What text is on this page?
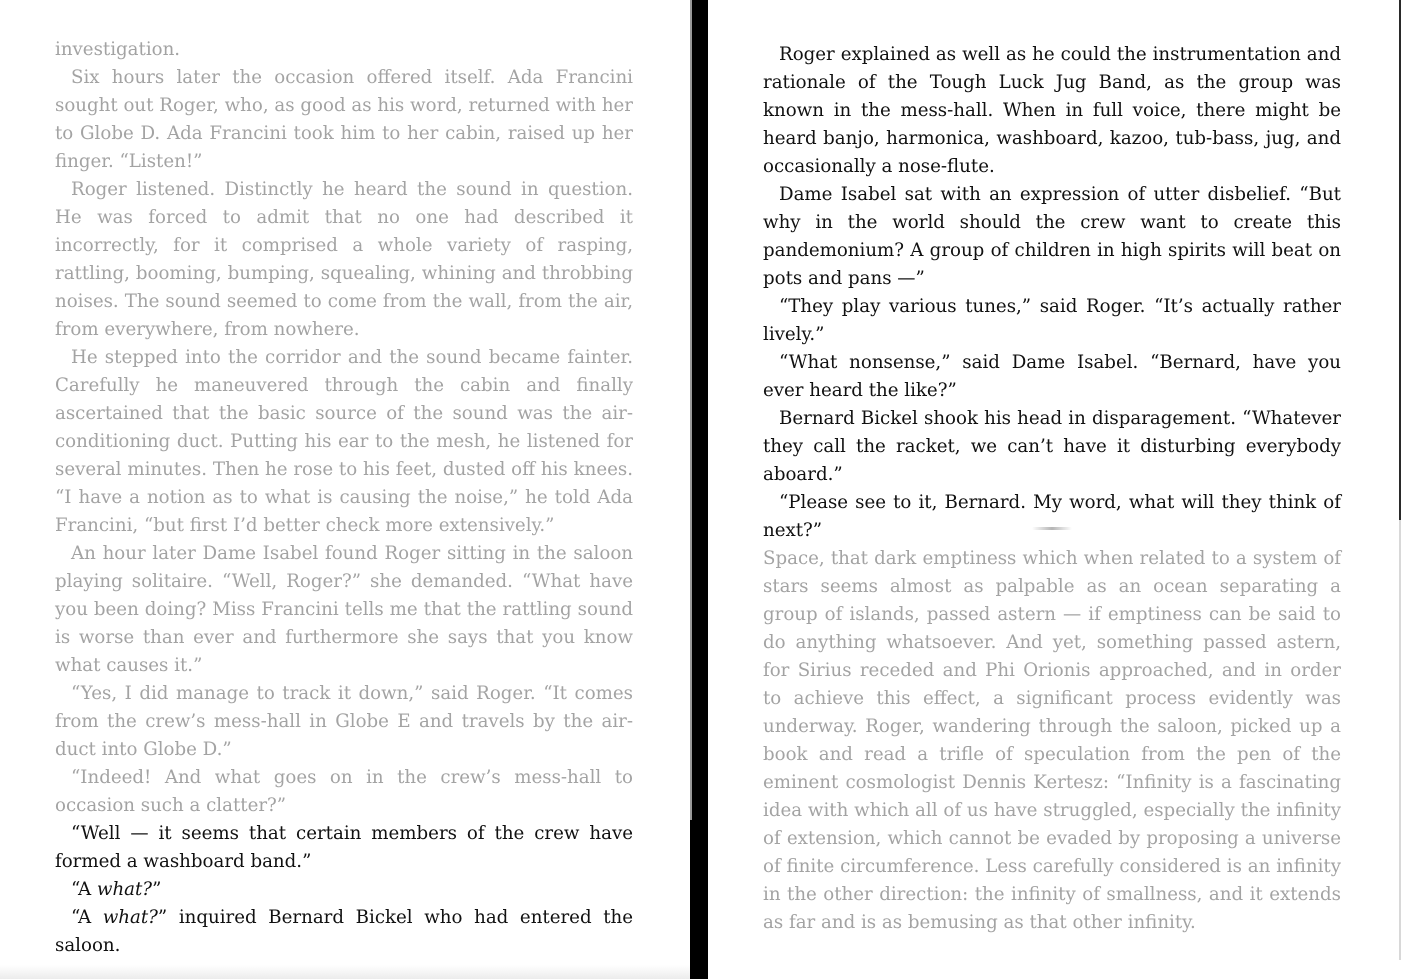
investigation.

Six hours later the occasion offered itself. Ada Francini sought out Roger, who, as good as his word, returned with her to Globe D. Ada Francini took him to her cabin, raised up her finger. “Listen!”

Roger listened. Distinctly he heard the sound in question. He was forced to admit that no one had described it incorrectly, for it comprised a whole variety of rasping, rattling, booming, bumping, squealing, whining and throbbing noises. The sound seemed to come from the wall, from the air, from everywhere, from nowhere.

He stepped into the corridor and the sound became fainter. Carefully he maneuvered through the cabin and finally ascertained that the basic source of the sound was the air-conditioning duct. Putting his ear to the mesh, he listened for several minutes. Then he rose to his feet, dusted off his knees. “I have a notion as to what is causing the noise,” he told Ada Francini, “but first I’d better check more extensively.”

An hour later Dame Isabel found Roger sitting in the saloon playing solitaire. “Well, Roger?” she demanded. “What have you been doing? Miss Francini tells me that the rattling sound is worse than ever and furthermore she says that you know what causes it.”

“Yes, I did manage to track it down,” said Roger. “It comes from the crew’s mess-hall in Globe E and travels by the air-duct into Globe D.”

“Indeed! And what goes on in the crew’s mess-hall to occasion such a clatter?”

“Well — it seems that certain members of the crew have formed a washboard band.”

“A what?”

“A what?” inquired Bernard Bickel who had entered the saloon.

Roger explained as well as he could the instrumentation and rationale of the Tough Luck Jug Band, as the group was known in the mess-hall. When in full voice, there might be heard banjo, harmonica, washboard, kazoo, tub-bass, jug, and occasionally a nose-flute.

Dame Isabel sat with an expression of utter disbelief. “But why in the world should the crew want to create this pandemonium? A group of children in high spirits will beat on pots and pans —”

“They play various tunes,” said Roger. “It’s actually rather lively.”

“What nonsense,” said Dame Isabel. “Bernard, have you ever heard the like?”

Bernard Bickel shook his head in disparagement. “Whatever they call the racket, we can’t have it disturbing everybody aboard.”

“Please see to it, Bernard. My word, what will they think of next?”

Space, that dark emptiness which when related to a system of stars seems almost as palpable as an ocean separating a group of islands, passed astern — if emptiness can be said to do anything whatsoever. And yet, something passed astern, for Sirius receded and Phi Orionis approached, and in order to achieve this effect, a significant process evidently was underway. Roger, wandering through the saloon, picked up a book and read a trifle of speculation from the pen of the eminent cosmologist Dennis Kertesz: “Infinity is a fascinating idea with which all of us have struggled, especially the infinity of extension, which cannot be evaded by proposing a universe of finite circumference. Less carefully considered is an infinity in the other direction: the infinity of smallness, and it extends as far and is as bemusing as that other infinity.
